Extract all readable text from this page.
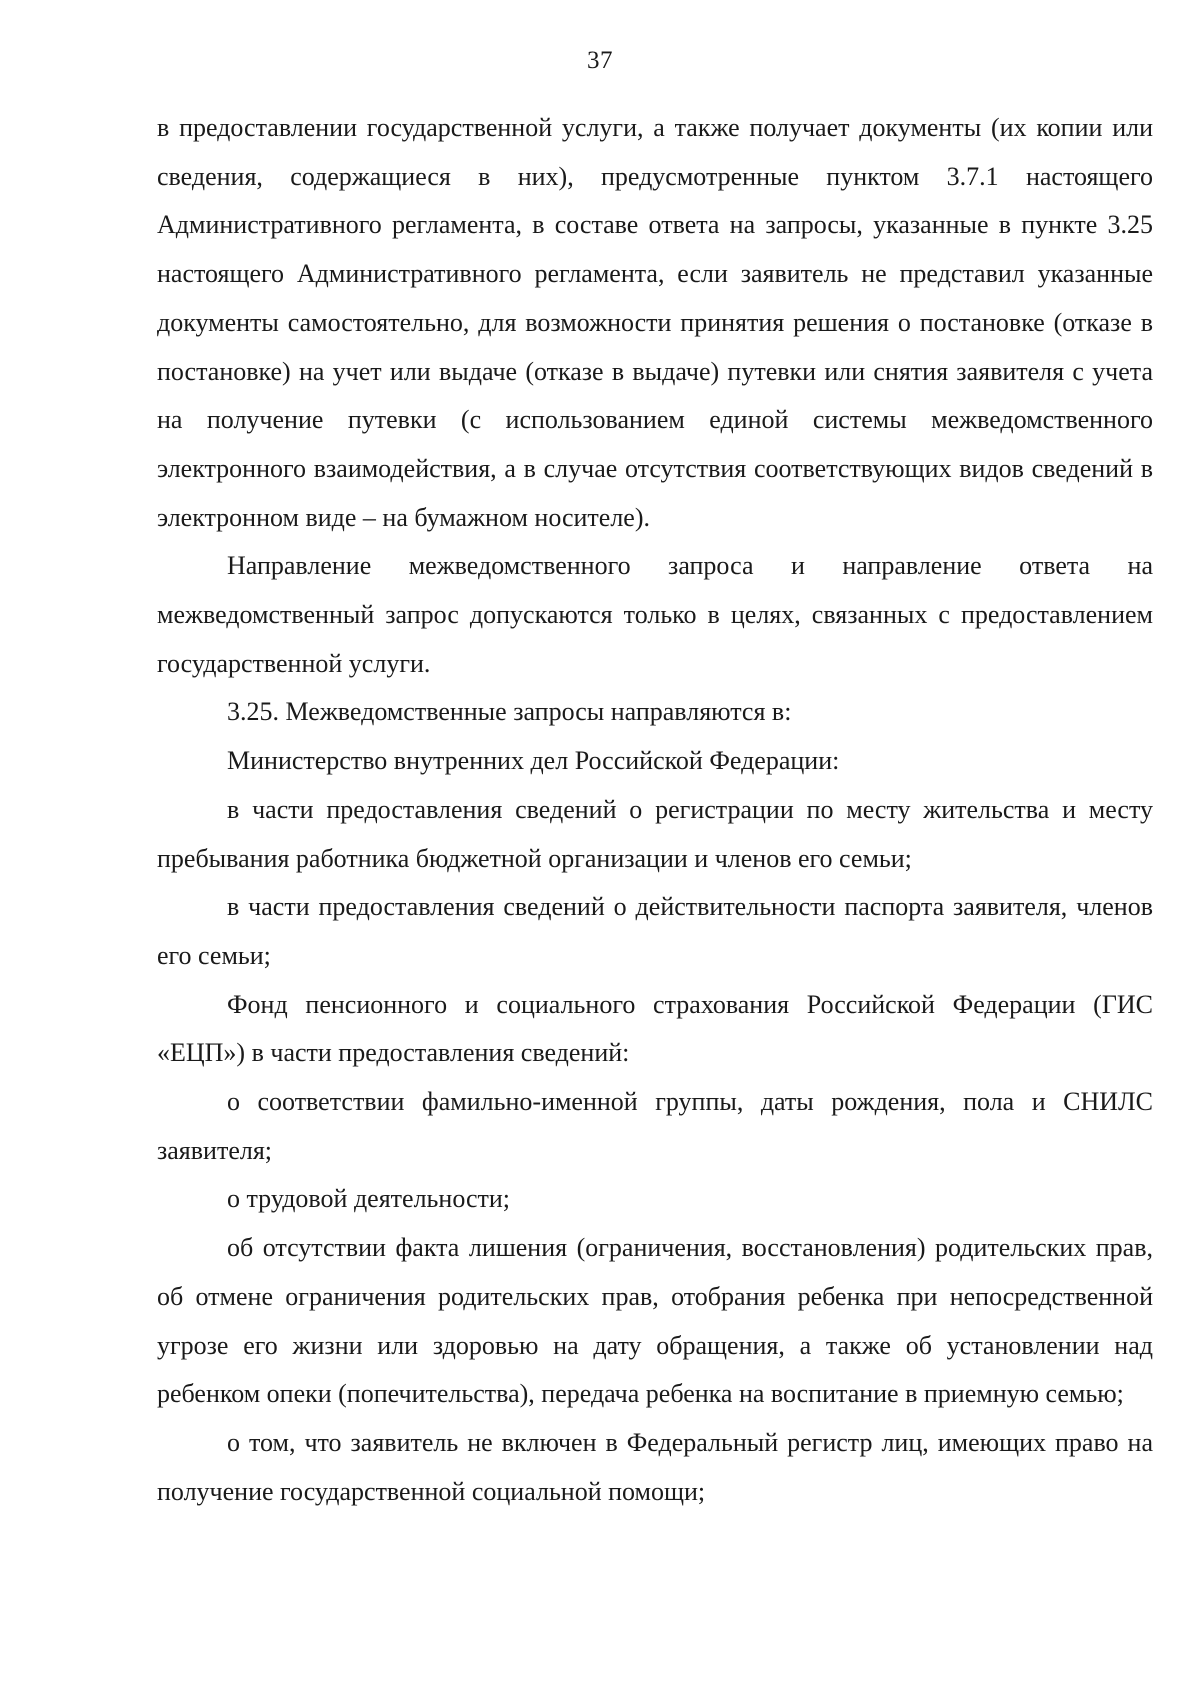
37

в предоставлении государственной услуги, а также получает документы (их копии или сведения, содержащиеся в них), предусмотренные пунктом 3.7.1 настоящего Административного регламента, в составе ответа на запросы, указанные в пункте 3.25 настоящего Административного регламента, если заявитель не представил указанные документы самостоятельно, для возможности принятия решения о постановке (отказе в постановке) на учет или выдаче (отказе в выдаче) путевки или снятия заявителя с учета на получение путевки (с использованием единой системы межведомственного электронного взаимодействия, а в случае отсутствия соответствующих видов сведений в электронном виде – на бумажном носителе).

Направление межведомственного запроса и направление ответа на межведомственный запрос допускаются только в целях, связанных с предоставлением государственной услуги.

3.25. Межведомственные запросы направляются в:

Министерство внутренних дел Российской Федерации:

в части предоставления сведений о регистрации по месту жительства и месту пребывания работника бюджетной организации и членов его семьи;

в части предоставления сведений о действительности паспорта заявителя, членов его семьи;

Фонд пенсионного и социального страхования Российской Федерации (ГИС «ЕЦП») в части предоставления сведений:

о соответствии фамильно-именной группы, даты рождения, пола и СНИЛС заявителя;

о трудовой деятельности;

об отсутствии факта лишения (ограничения, восстановления) родительских прав, об отмене ограничения родительских прав, отобрания ребенка при непосредственной угрозе его жизни или здоровью на дату обращения, а также об установлении над ребенком опеки (попечительства), передача ребенка на воспитание в приемную семью;

о том, что заявитель не включен в Федеральный регистр лиц, имеющих право на получение государственной социальной помощи;
